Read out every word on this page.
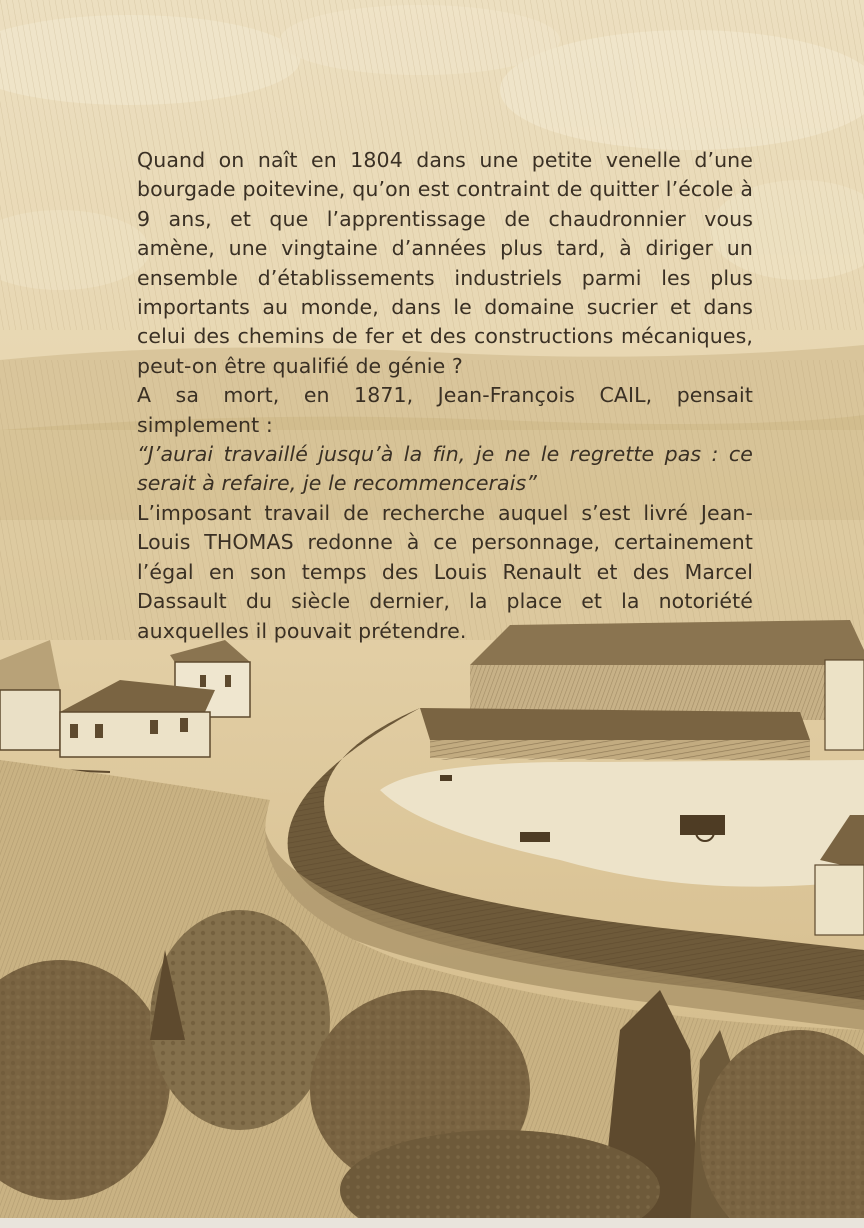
Quand on naît en 1804 dans une petite venelle d’une bourgade poitevine, qu’on est contraint de quitter l’école à 9 ans, et que l’apprentissage de chaudronnier vous amène, une vingtaine d’années plus tard, à diriger un ensemble d’établissements industriels parmi les plus importants au monde, dans le domaine sucrier et dans celui des chemins de fer et des constructions mécaniques, peut-on être qualifié de génie ?

A sa mort, en 1871, Jean-François CAIL, pensait simplement :

“J’aurai travaillé jusqu’à la fin, je ne le regrette pas : ce serait à refaire, je le recommencerais”

L’imposant travail de recherche auquel s’est livré Jean-Louis THOMAS redonne à ce personnage, certainement l’égal en son temps des Louis Renault et des Marcel Dassault du siècle dernier, la place et la notoriété auxquelles il pouvait prétendre.
